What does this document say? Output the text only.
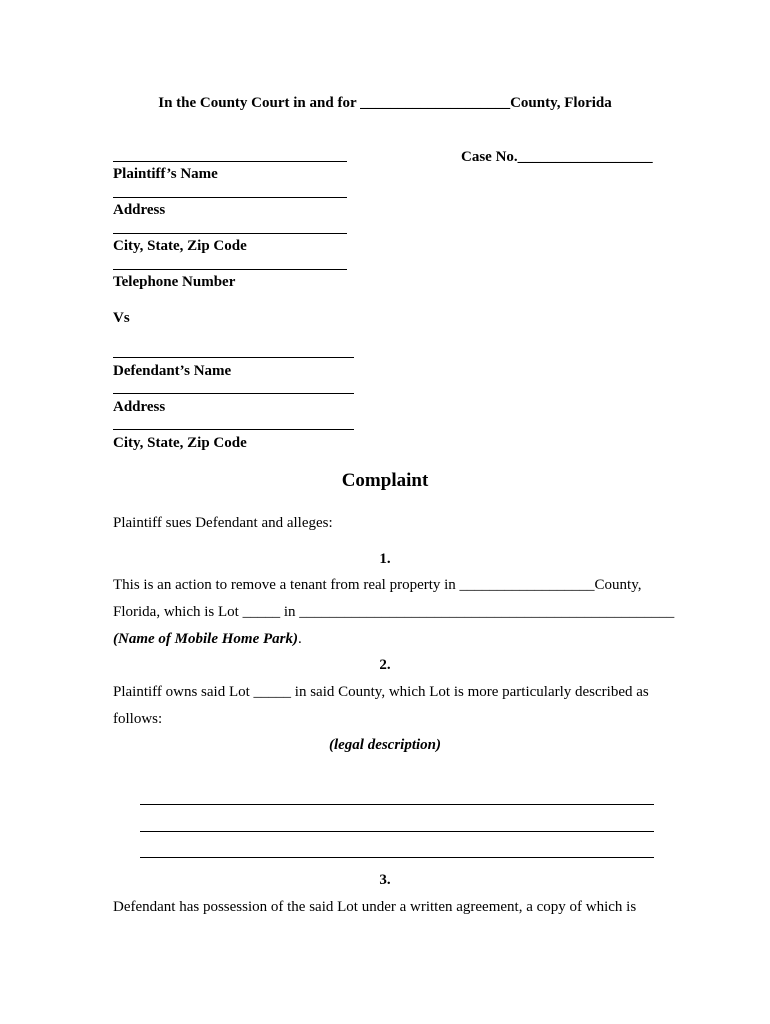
In the County Court in and for ____________________County, Florida
Case No.__________________
Plaintiff’s Name
Address
City, State, Zip Code
Telephone Number
Vs
Defendant’s Name
Address
City, State, Zip Code
Complaint
Plaintiff sues Defendant and alleges:
1.
This is an action to remove a tenant from real property in __________________County,
Florida, which is Lot _____ in __________________________________________________
(Name of Mobile Home Park).
2.
Plaintiff owns said Lot _____ in said County, which Lot is more particularly described as
follows:
(legal description)
3.
Defendant has possession of the said Lot under a written agreement, a copy of which is
